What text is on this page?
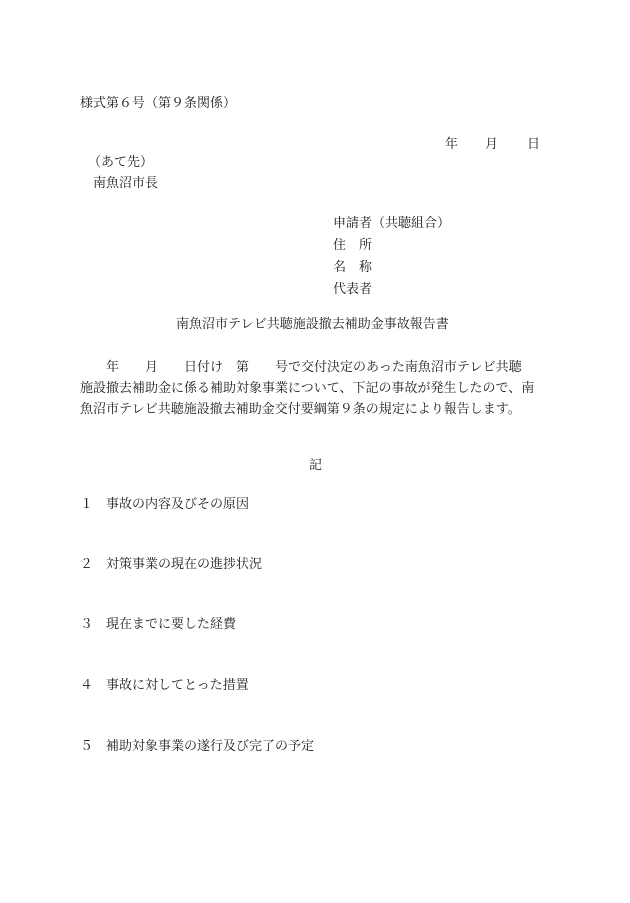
様式第６号（第９条関係）
年 月 日
（あて先）
南魚沼市長
申請者（共聴組合）
住　所
名　称
代表者
南魚沼市テレビ共聴施設撤去補助金事故報告書

年 月 日付け 第 号で交付決定のあった南魚沼市テレビ共聴

施設撤去補助金に係る補助対象事業について、下記の事故が発生したので、南

魚沼市テレビ共聴施設撤去補助金交付要綱第９条の規定により報告します。

記
１ 事故の内容及びその原因
２ 対策事業の現在の進捗状況
３ 現在までに要した経費
４ 事故に対してとった措置
５ 補助対象事業の遂行及び完了の予定
